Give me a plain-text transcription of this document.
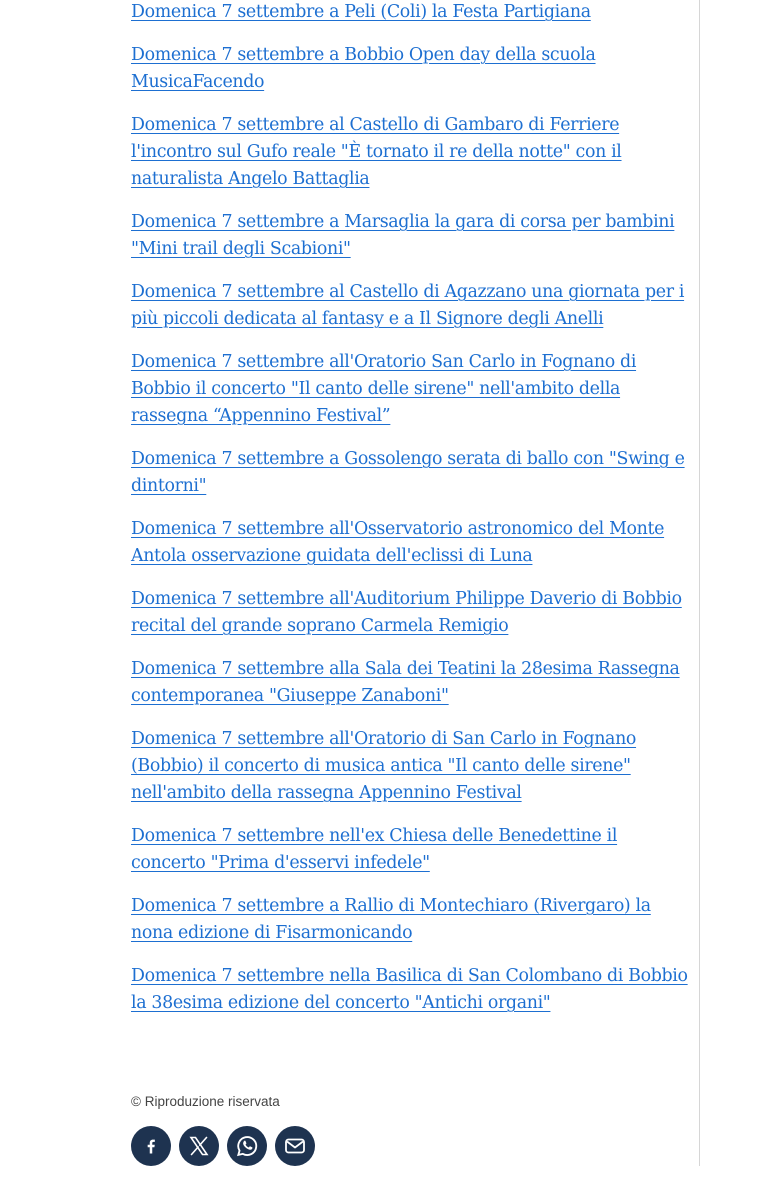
Domenica 7 settembre a Peli (Coli) la Festa Partigiana
Domenica 7 settembre a Bobbio Open day della scuola MusicaFacendo
Domenica 7 settembre al Castello di Gambaro di Ferriere l'incontro sul Gufo reale "È tornato il re della notte" con il naturalista Angelo Battaglia
Domenica 7 settembre a Marsaglia la gara di corsa per bambini "Mini trail degli Scabioni"
Domenica 7 settembre al Castello di Agazzano una giornata per i più piccoli dedicata al fantasy e a Il Signore degli Anelli
Domenica 7 settembre all'Oratorio San Carlo in Fognano di Bobbio il concerto "Il canto delle sirene" nell'ambito della rassegna “Appennino Festival”
Domenica 7 settembre a Gossolengo serata di ballo con "Swing e dintorni"
Domenica 7 settembre all'Osservatorio astronomico del Monte Antola osservazione guidata dell'eclissi di Luna
Domenica 7 settembre all'Auditorium Philippe Daverio di Bobbio recital del grande soprano Carmela Remigio
Domenica 7 settembre alla Sala dei Teatini la 28esima Rassegna contemporanea "Giuseppe Zanaboni"
Domenica 7 settembre all'Oratorio di San Carlo in Fognano (Bobbio) il concerto di musica antica "Il canto delle sirene" nell'ambito della rassegna Appennino Festival
Domenica 7 settembre nell'ex Chiesa delle Benedettine il concerto "Prima d'esservi infedele"
Domenica 7 settembre a Rallio di Montechiaro (Rivergaro) la nona edizione di Fisarmonicando
Domenica 7 settembre nella Basilica di San Colombano di Bobbio la 38esima edizione del concerto "Antichi organi"
© Riproduzione riservata
